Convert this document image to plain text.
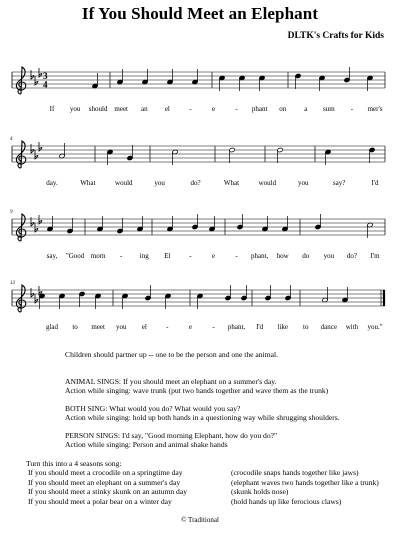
If You Should Meet an Elephant
DLTK's Crafts for Kids
3
4
If you should meet an el	-	e	- phant on	a sum - mer's
4
day.	What	would	you	do?	What	would	you	say?	I'd
9
say, "Good morn - ing El	-	e	- phant, how do you do? I'm
13
glad to meet you el	-	e	- phant, I'd like to dance with you."
Children should partner up -- one to be the person and one the animal.
ANIMAL SINGS: If you should meet an elephant on a summer's day.
Action while singing: wave trunk (put two hands together and wave them as the trunk)
BOTH SING: What would you do? What would you say?
Action while singing: hold up both hands in a questioning way while shrugging shoulders.
PERSON SINGS: I'd say, "Good morning Elephant, how do you do?"
Action while singing: Person and animal shake hands
Turn this into a 4 seasons song:
If you should meet a crocodile on a springtime day	(crocodile snaps hands together like jaws)
If you should meet an elephant on a summer's day	(elephant waves two hands together like a trunk)
If you should meet a stinky skunk on an autumn day	(skunk holds nose)
If you should meet a polar bear on a winter day	(hold hands up like ferocious claws)
© Traditional
